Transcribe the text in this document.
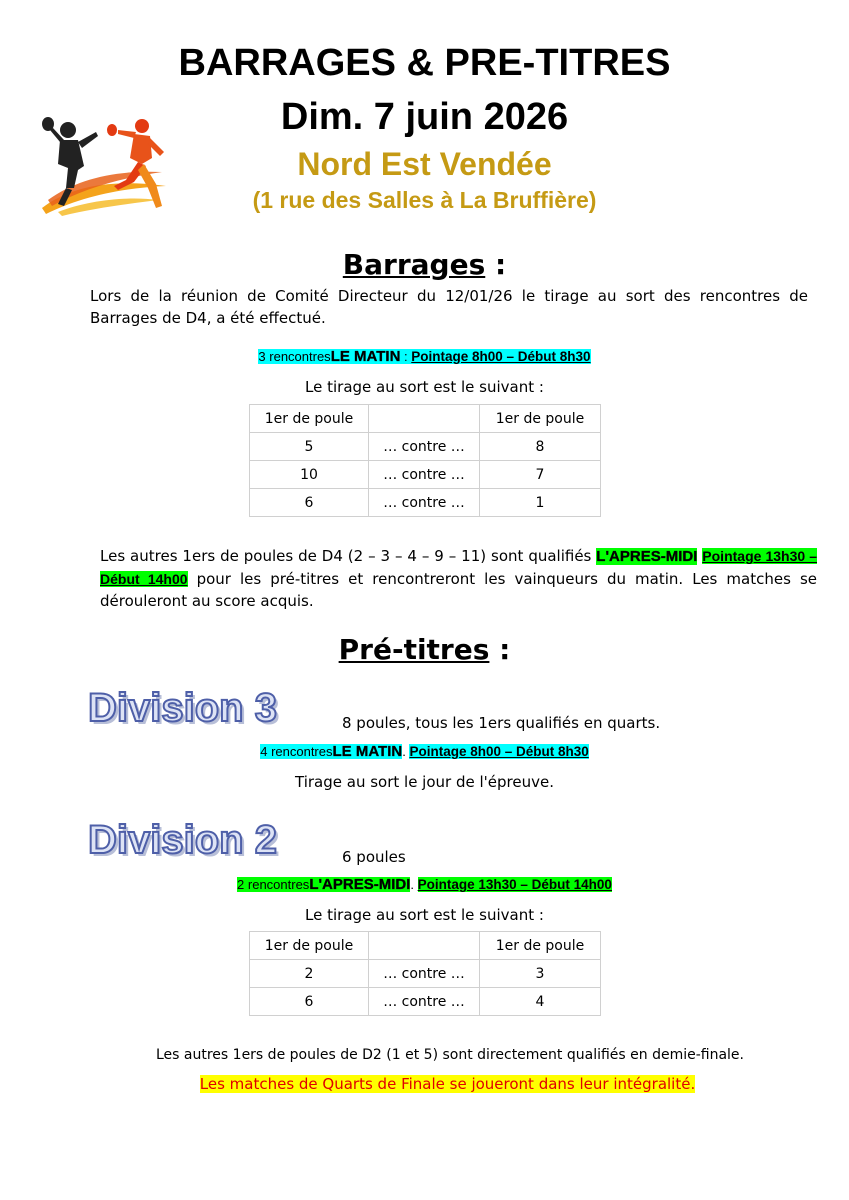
BARRAGES & PRE-TITRES
Dim. 7 juin 2026
Nord Est Vendée
(1 rue des Salles à La Bruffière)
Barrages :
Lors de la réunion de Comité Directeur du 12/01/26 le tirage au sort des rencontres de Barrages de D4, a été effectué.
3 rencontresLE MATIN : Pointage 8h00 – Début 8h30
Le tirage au sort est le suivant :
1er de poule		1er de poule
5	… contre …	8
10	… contre …	7
6	… contre …	1
Les autres 1ers de poules de D4 (2 – 3 – 4 – 9 – 11) sont qualifiés L'APRES-MIDI Pointage 13h30 – Début 14h00 pour les pré-titres et rencontreront les vainqueurs du matin. Les matches se dérouleront au score acquis.
Pré-titres :
Division 3	8 poules, tous les 1ers qualifiés en quarts.
4 rencontresLE MATIN. Pointage 8h00 – Début 8h30
Tirage au sort le jour de l'épreuve.
Division 2	6 poules
2 rencontresL'APRES-MIDI. Pointage 13h30 – Début 14h00
Le tirage au sort est le suivant :
1er de poule		1er de poule
2	… contre …	3
6	… contre …	4
Les autres 1ers de poules de D2 (1 et 5) sont directement qualifiés en demie-finale.
Les matches de Quarts de Finale se joueront dans leur intégralité.
